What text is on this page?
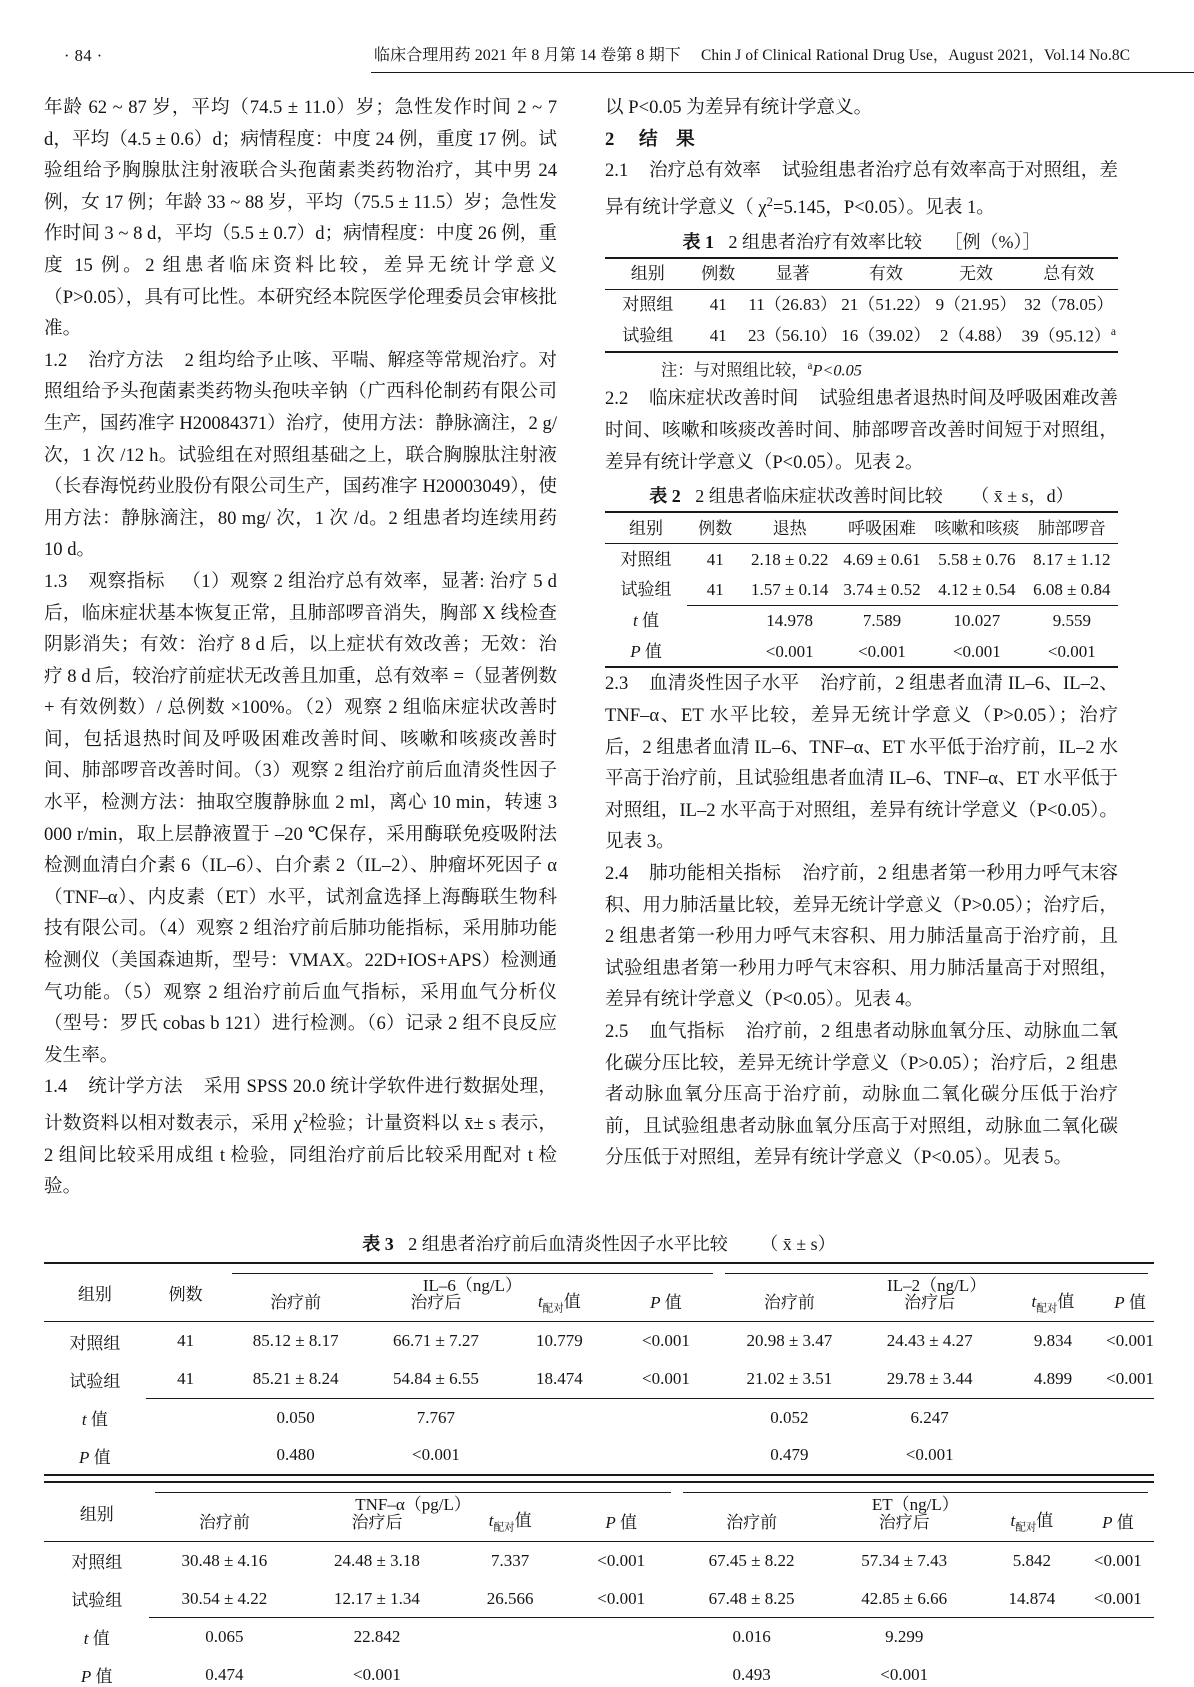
· 84 ·	临床合理用药 2021 年 8 月第 14 卷第 8 期下 Chin J of Clinical Rational Drug Use，August 2021，Vol.14 No.8C

年龄 62 ~ 87 岁，平均（74.5 ± 11.0）岁；急性发作时间 2 ~ 7 d，平均（4.5 ± 0.6）d；病情程度：中度 24 例，重度 17 例。试验组给予胸腺肽注射液联合头孢菌素类药物治疗，其中男 24 例，女 17 例；年龄 33 ~ 88 岁，平均（75.5 ± 11.5）岁；急性发作时间 3 ~ 8 d，平均（5.5 ± 0.7）d；病情程度：中度 26 例，重度 15 例。2 组患者临床资料比较，差异无统计学意义（P>0.05），具有可比性。本研究经本院医学伦理委员会审核批准。

1.2 治疗方法 2 组均给予止咳、平喘、解痉等常规治疗。对照组给予头孢菌素类药物头孢呋辛钠（广西科伦制药有限公司生产，国药准字 H20084371）治疗，使用方法：静脉滴注，2 g/ 次，1 次 /12 h。试验组在对照组基础之上，联合胸腺肽注射液（长春海悦药业股份有限公司生产，国药准字 H20003049），使用方法：静脉滴注，80 mg/ 次，1 次 /d。2 组患者均连续用药 10 d。

1.3 观察指标 （1）观察 2 组治疗总有效率，显著: 治疗 5 d 后，临床症状基本恢复正常，且肺部啰音消失，胸部 X 线检查阴影消失；有效：治疗 8 d 后，以上症状有效改善；无效：治疗 8 d 后，较治疗前症状无改善且加重，总有效率 =（显著例数 + 有效例数）/ 总例数 ×100%。（2）观察 2 组临床症状改善时间，包括退热时间及呼吸困难改善时间、咳嗽和咳痰改善时间、肺部啰音改善时间。（3）观察 2 组治疗前后血清炎性因子水平，检测方法：抽取空腹静脉血 2 ml，离心 10 min，转速 3 000 r/min，取上层静液置于 –20 ℃保存，采用酶联免疫吸附法检测血清白介素 6（IL–6）、白介素 2（IL–2）、肿瘤坏死因子 α（TNF–α）、内皮素（ET）水平，试剂盒选择上海酶联生物科技有限公司。（4）观察 2 组治疗前后肺功能指标，采用肺功能检测仪（美国森迪斯，型号：VMAX。22D+IOS+APS）检测通气功能。（5）观察 2 组治疗前后血气指标，采用血气分析仪（型号：罗氏 cobas b 121）进行检测。（6）记录 2 组不良反应发生率。

1.4 统计学方法 采用 SPSS 20.0 统计学软件进行数据处理，计数资料以相对数表示，采用 $\chi^2$检验；计量资料以 x̄± s 表示，2 组间比较采用成组 t 检验，同组治疗前后比较采用配对 t 检验。

以 P<0.05 为差异有统计学意义。

2 结　果

2.1 治疗总有效率 试验组患者治疗总有效率高于对照组，差异有统计学意义（ $\chi^2=5.145$，P<0.05）。见表 1。

表 1 2 组患者治疗有效率比较 ［例（%）］
组别	例数	显著	有效	无效	总有效
对照组	41	11（26.83）	21（51.22）	9（21.95）	32（78.05）
试验组	41	23（56.10）	16（39.02）	2（4.88）	$39(95.12)^a$
注：与对照组比较，$^a$P<0.05

2.2 临床症状改善时间 试验组患者退热时间及呼吸困难改善时间、咳嗽和咳痰改善时间、肺部啰音改善时间短于对照组，差异有统计学意义（P<0.05）。见表 2。

表 2 2 组患者临床症状改善时间比较 （ x̄ ± s，d）
组别	例数	退热	呼吸困难	咳嗽和咳痰	肺部啰音
对照组	41	2.18 ± 0.22	4.69 ± 0.61	5.58 ± 0.76	8.17 ± 1.12
试验组	41	1.57 ± 0.14	3.74 ± 0.52	4.12 ± 0.54	6.08 ± 0.84
t 值		14.978	7.589	10.027	9.559
P 值		<0.001	<0.001	<0.001	<0.001

2.3 血清炎性因子水平 治疗前，2 组患者血清 IL–6、IL–2、TNF–α、ET 水平比较，差异无统计学意义（P>0.05）；治疗后，2 组患者血清 IL–6、TNF–α、ET 水平低于治疗前，IL–2 水平高于治疗前，且试验组患者血清 IL–6、TNF–α、ET 水平低于对照组，IL–2 水平高于对照组，差异有统计学意义（P<0.05）。见表 3。

2.4 肺功能相关指标 治疗前，2 组患者第一秒用力呼气末容积、用力肺活量比较，差异无统计学意义（P>0.05）；治疗后，2 组患者第一秒用力呼气末容积、用力肺活量高于治疗前，且试验组患者第一秒用力呼气末容积、用力肺活量高于对照组，差异有统计学意义（P<0.05）。见表 4。

2.5 血气指标 治疗前，2 组患者动脉血氧分压、动脉血二氧化碳分压比较，差异无统计学意义（P>0.05）；治疗后，2 组患者动脉血氧分压高于治疗前，动脉血二氧化碳分压低于治疗前，且试验组患者动脉血氧分压高于对照组，动脉血二氧化碳分压低于对照组，差异有统计学意义（P<0.05）。见表 5。

表 3 2 组患者治疗前后血清炎性因子水平比较 （ x̄ ± s）
组别	例数	IL–6（ng/L）				IL–2（ng/L）			

		治疗前	治疗后	$t_{配对}$值	P 值	治疗前	治疗后	$t_{配对}$值	P 值
对照组	41	85.12 ± 8.17	66.71 ± 7.27	10.779	<0.001	20.98 ± 3.47	24.43 ± 4.27	9.834	<0.001
试验组	41	85.21 ± 8.24	54.84 ± 6.55	18.474	<0.001	21.02 ± 3.51	29.78 ± 3.44	4.899	<0.001
t 值		0.050	7.767			0.052	6.247		
P 值		0.480	<0.001			0.479	<0.001		
组别	TNF–α（pg/L）				ET（ng/L）			

	治疗前	治疗后	$t_{配对}$值	P 值	治疗前	治疗后	$t_{配对}$值	P 值
对照组	30.48 ± 4.16	24.48 ± 3.18	7.337	<0.001	67.45 ± 8.22	57.34 ± 7.43	5.842	<0.001
试验组	30.54 ± 4.22	12.17 ± 1.34	26.566	<0.001	67.48 ± 8.25	42.85 ± 6.66	14.874	<0.001
t 值	0.065	22.842			0.016	9.299		
P 值	0.474	<0.001			0.493	<0.001		
